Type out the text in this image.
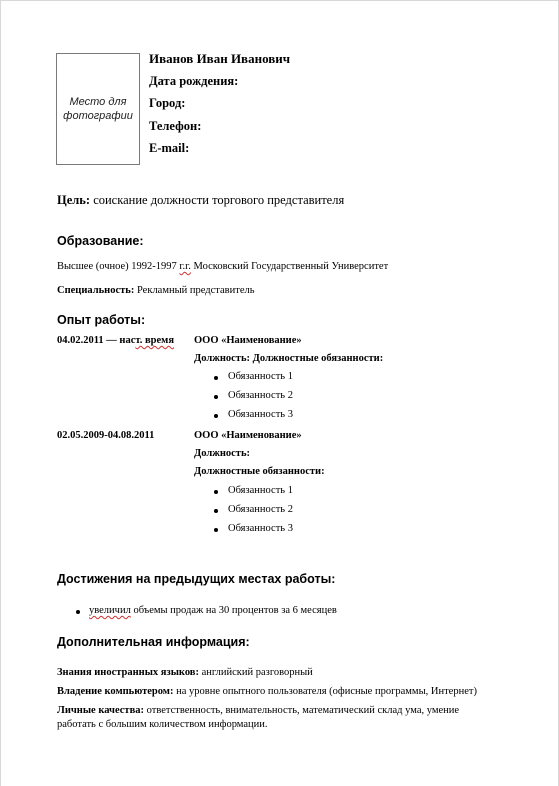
Место для фотографии
Иванов Иван Иванович
Дата рождения:
Город:
Телефон:
E-mail:
Цель: соискание должности торгового представителя
Образование:
Высшее (очное) 1992-1997 г.г. Московский Государственный Университет
Специальность: Рекламный представитель
Опыт работы:
04.02.2011 — наст. время ООО «Наименование»
Должность: Должностные обязанности:
Обязанность 1
Обязанность 2
Обязанность 3
02.05.2009-04.08.2011	ООО «Наименование»
Должность:
Должностные обязанности:
Обязанность 1
Обязанность 2
Обязанность 3
Достижения на предыдущих местах работы:
увеличил объемы продаж на 30 процентов за 6 месяцев
Дополнительная информация:
Знания иностранных языков: английский разговорный
Владение компьютером: на уровне опытного пользователя (офисные программы, Интернет)
Личные качества: ответственность, внимательность, математический склад ума, умение
работать с большим количеством информации.
